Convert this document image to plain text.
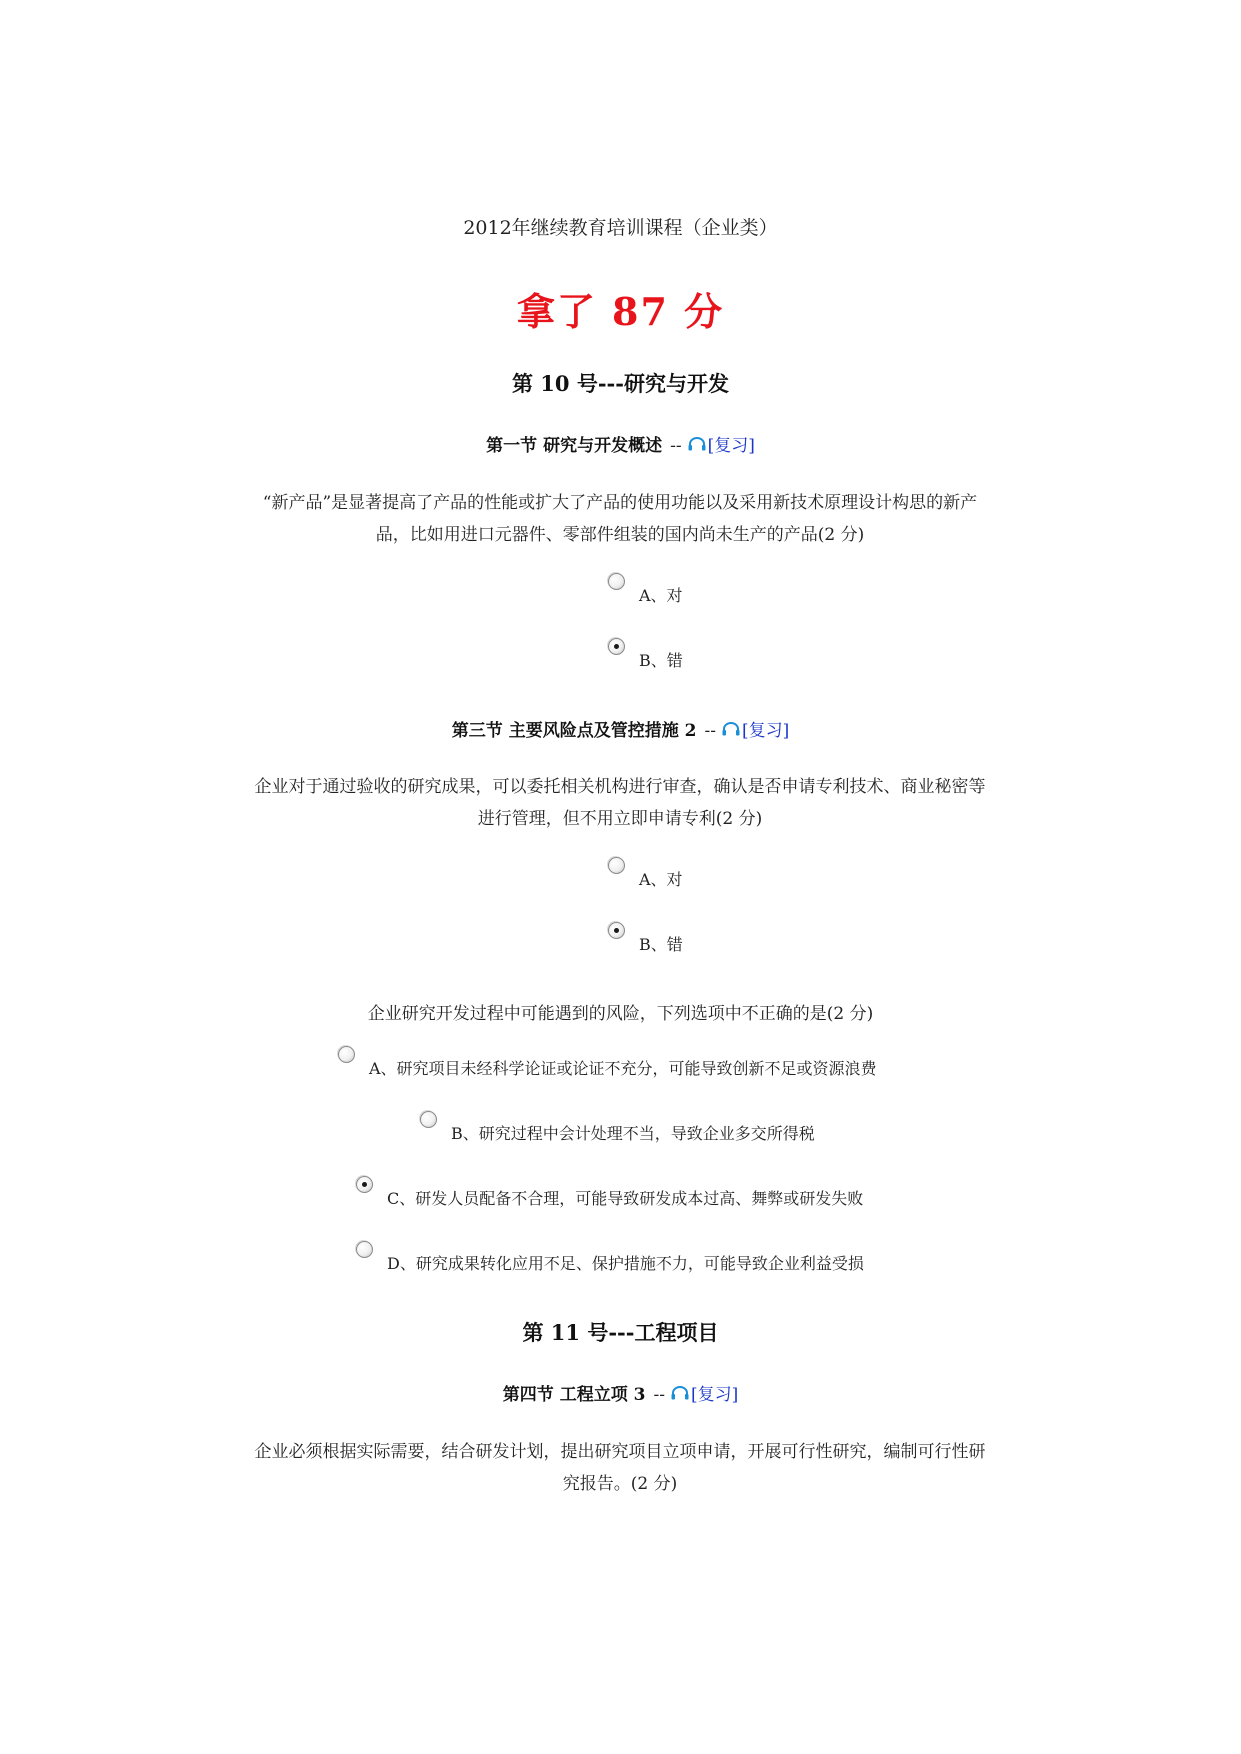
2012年继续教育培训课程（企业类）
拿了 87 分
第 10 号---研究与开发
第一节 研究与开发概述 -- [复习]
“新产品”是显著提高了产品的性能或扩大了产品的使用功能以及采用新技术原理设计构思的新产
品，比如用进口元器件、零部件组装的国内尚未生产的产品(2 分)
A、对
B、错
第三节 主要风险点及管控措施 2 -- [复习]
企业对于通过验收的研究成果，可以委托相关机构进行审查，确认是否申请专利技术、商业秘密等
进行管理，但不用立即申请专利(2 分)
A、对
B、错
企业研究开发过程中可能遇到的风险，下列选项中不正确的是(2 分)
A、研究项目未经科学论证或论证不充分，可能导致创新不足或资源浪费
B、研究过程中会计处理不当，导致企业多交所得税
C、研发人员配备不合理，可能导致研发成本过高、舞弊或研发失败
D、研究成果转化应用不足、保护措施不力，可能导致企业利益受损
第 11 号---工程项目
第四节 工程立项 3 -- [复习]
企业必须根据实际需要，结合研发计划，提出研究项目立项申请，开展可行性研究，编制可行性研
究报告。(2 分)
